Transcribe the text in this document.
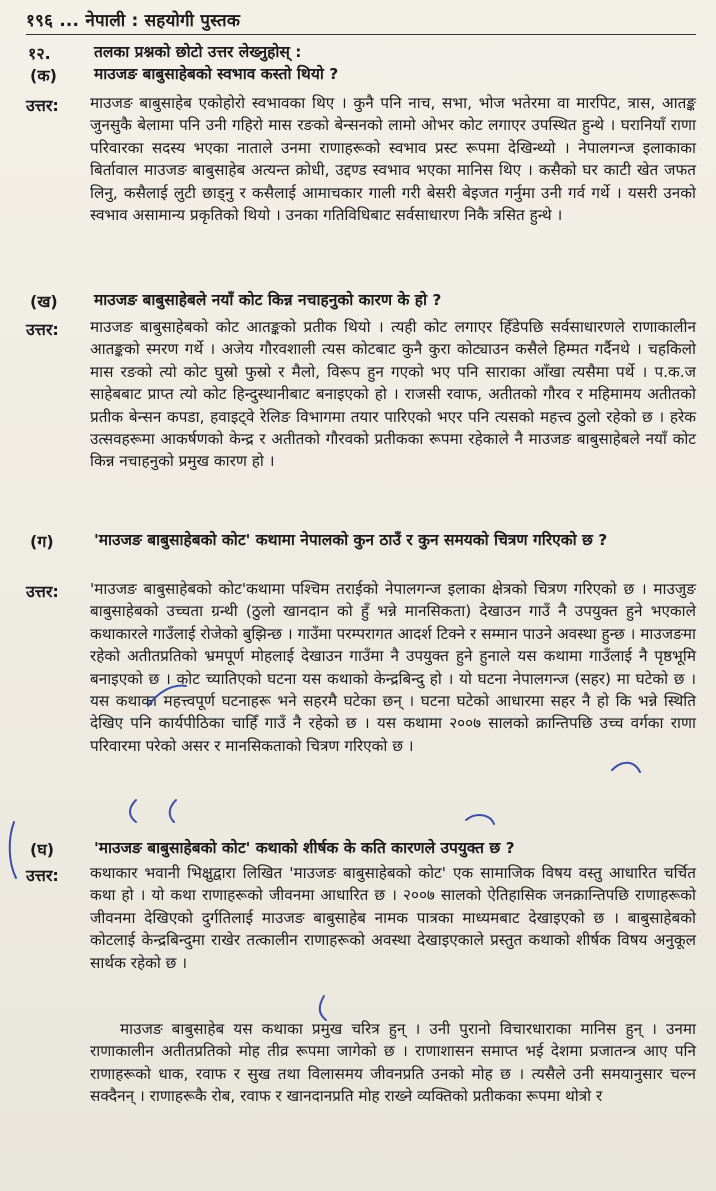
१९६ ... नेपाली : सहयोगी पुस्तक
१२.	तलका प्रश्नको छोटो उत्तर लेख्नुहोस् :
(क) माउजङ बाबुसाहेबको स्वभाव कस्तो थियो ?
उत्तर: माउजङ बाबुसाहेब एकोहोरो स्वभावका थिए । कुनै पनि नाच, सभा, भोज भतेरमा वा मारपिट, त्रास, आतङ्क जुनसुकै बेलामा पनि उनी गहिरो मास रङको बेन्सनको लामो ओभर कोट लगाएर उपस्थित हुन्थे । घरानियाँ राणा परिवारका सदस्य भएका नाताले उनमा राणाहरूको स्वभाव प्रस्ट रूपमा देखिन्थ्यो । नेपालगन्ज इलाकाका बिर्तावाल माउजङ बाबुसाहेब अत्यन्त क्रोधी, उद्दण्ड स्वभाव भएका मानिस थिए । कसैको घर काटी खेत जफत लिनु, कसैलाई लुटी छाड्नु र कसैलाई आमाचकार गाली गरी बेसरी बेइजत गर्नुमा उनी गर्व गर्थे । यसरी उनको स्वभाव असामान्य प्रकृतिको थियो । उनका गतिविधिबाट सर्वसाधारण निकै त्रसित हुन्थे ।
(ख) माउजङ बाबुसाहेबले नयाँ कोट किन्न नचाहनुको कारण के हो ?
उत्तर: माउजङ बाबुसाहेबको कोट आतङ्कको प्रतीक थियो । त्यही कोट लगाएर हिँडेपछि सर्वसाधारणले राणाकालीन आतङ्कको स्मरण गर्थे । अजेय गौरवशाली त्यस कोटबाट कुनै कुरा कोट्याउन कसैले हिम्मत गर्दैनथे । चहकिलो मास रङको त्यो कोट घुस्रो फुस्रो र मैलो, विरूप हुन गएको भए पनि साराका आँखा त्यसैमा पर्थे । प.क.ज साहेबबाट प्राप्त त्यो कोट हिन्दुस्थानीबाट बनाइएको हो । राजसी रवाफ, अतीतको गौरव र महिमामय अतीतको प्रतीक बेन्सन कपडा, हवाइट्वे रेलिङ विभागमा तयार पारिएको भएर पनि त्यसको महत्त्व ठुलो रहेको छ । हरेक उत्सवहरूमा आकर्षणको केन्द्र र अतीतको गौरवको प्रतीकका रूपमा रहेकाले नै माउजङ बाबुसाहेबले नयाँ कोट किन्न नचाहनुको प्रमुख कारण हो ।
(ग)	'माउजङ बाबुसाहेबको कोट' कथामा नेपालको कुन ठाउँ र कुन समयको चित्रण गरिएको छ ?
उत्तर: 'माउजङ बाबुसाहेबको कोट'कथामा पश्चिम तराईको नेपालगन्ज इलाका क्षेत्रको चित्रण गरिएको छ । माउजुङ बाबुसाहेबको उच्चता ग्रन्थी (ठुलो खानदान को हुँ भन्ने मानसिकता) देखाउन गाउँ नै उपयुक्त हुने भएकाले कथाकारले गाउँलाई रोजेको बुझिन्छ । गाउँमा परम्परागत आदर्श टिक्ने र सम्मान पाउने अवस्था हुन्छ । माउजङमा रहेको अतीतप्रतिको भ्रमपूर्ण मोहलाई देखाउन गाउँमा नै उपयुक्त हुने हुनाले यस कथामा गाउँलाई नै पृष्ठभूमि बनाइएको छ । कोट च्यातिएको घटना यस कथाको केन्द्रबिन्दु हो । यो घटना नेपालगन्ज (सहर) मा घटेको छ । यस कथाका महत्त्वपूर्ण घटनाहरू भने सहरमै घटेका छन् । घटना घटेको आधारमा सहर नै हो कि भन्ने स्थिति देखिए पनि कार्यपीठिका चाहिँ गाउँ नै रहेको छ । यस कथामा २००७ सालको क्रान्तिपछि उच्च वर्गका राणा परिवारमा परेको असर र मानसिकताको चित्रण गरिएको छ ।
(घ)	'माउजङ बाबुसाहेबको कोट' कथाको शीर्षक के कति कारणले उपयुक्त छ ?
उत्तर: कथाकार भवानी भिक्षुद्वारा लिखित 'माउजङ बाबुसाहेबको कोट' एक सामाजिक विषय वस्तु आधारित चर्चित कथा हो । यो कथा राणाहरूको जीवनमा आधारित छ । २००७ सालको ऐतिहासिक जनक्रान्तिपछि राणाहरूको जीवनमा देखिएको दुर्गतिलाई माउजङ बाबुसाहेब नामक पात्रका माध्यमबाट देखाइएको छ । बाबुसाहेबको कोटलाई केन्द्रबिन्दुमा राखेर तत्कालीन राणाहरूको अवस्था देखाइएकाले प्रस्तुत कथाको शीर्षक विषय अनुकूल सार्थक रहेको छ ।
माउजङ बाबुसाहेब यस कथाका प्रमुख चरित्र हुन् । उनी पुरानो विचारधाराका मानिस हुन् । उनमा राणाकालीन अतीतप्रतिको मोह तीव्र रूपमा जागेको छ । राणाशासन समाप्त भई देशमा प्रजातन्त्र आए पनि राणाहरूको धाक, रवाफ र सुख तथा विलासमय जीवनप्रति उनको मोह छ । त्यसैले उनी समयानुसार चल्न सक्दैनन् । राणाहरूकै रोब, रवाफ र खानदानप्रति मोह राख्ने व्यक्तिको प्रतीकका रूपमा थोत्रो र
